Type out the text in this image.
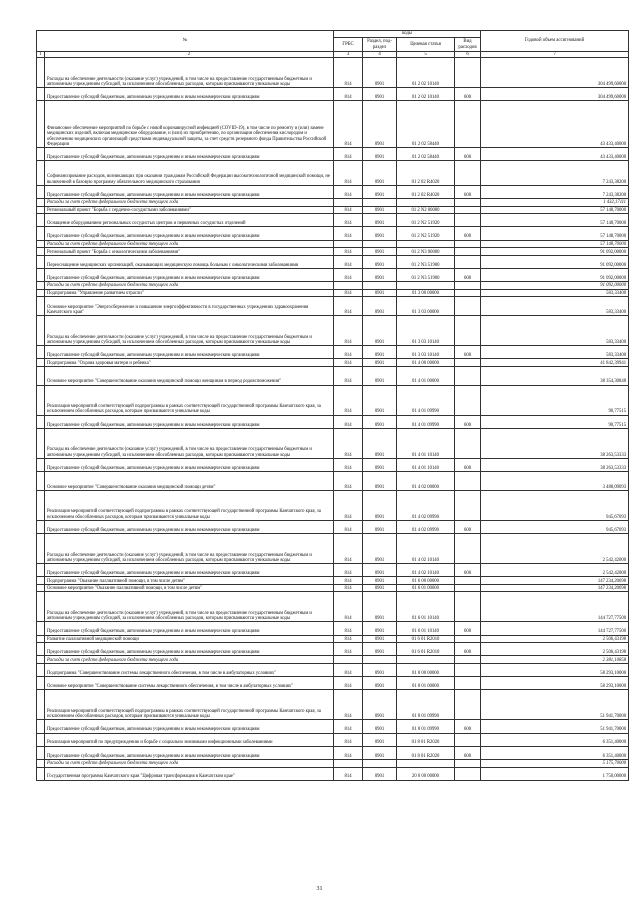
№		коды				Годовой объем ассигнований
		ГРБС	Раздел, под-раздел	Целевая статья	Вид расходов	
1	2	3	4	5	6	7
	Расходы на обеспечение деятельности (оказание услуг) учреждений, в том числе на предоставление государственным бюджетным и автономным учреждениям субсидий, за исключением обособленных расходов, которым присваиваются уникальные коды	814	0901	01 2 02 10140		304 499,60000
	Предоставление субсидий бюджетным, автономным учреждениям и иным некоммерческим организациям	814	0901	01 2 02 10140	600	304 499,60000
	Финансовое обеспечение мероприятий по борьбе с новой коронавирусной инфекцией (COVID-19), в том числе по ремонту и (или) замене медицинских изделий, включая медицинское оборудование, и (или) их приобретению, по организации обеспечения кислородом и обеспечению медицинских организаций средствами индивидуальной защиты, за счет средств резервного фонда Правительства Российской Федерации	814	0901	01 2 02 58440		43 433,40000
	Предоставление субсидий бюджетным, автономным учреждениям и иным некоммерческим организациям	814	0901	01 2 02 58440	600	43 433,40000
	Софинансирование расходов, возникающих при оказании гражданам Российской Федерации высокотехнологичной медицинской помощи, не включенной в базовую программу обязательного медицинского страхования	814	0901	01 2 02 R4020		7 243,38200
	Предоставление субсидий бюджетным, автономным учреждениям и иным некоммерческим организациям	814	0901	01 2 02 R4020	600	7 243,38200
	Расходы за счет средств федерального бюджета текущего года					1 432,17111
	Региональный проект "Борьба с сердечно-сосудистыми заболеваниями"	814	0901	01 2 N2 00000		57 148,70000
	Оснащение оборудованием региональных сосудистых центров и первичных сосудистых отделений	814	0901	01 2 N2 51920		57 148,70000
	Предоставление субсидий бюджетным, автономным учреждениям и иным некоммерческим организациям	814	0901	01 2 N2 51920	600	57 148,70000
	Расходы за счет средств федерального бюджета текущего года					57 148,70000
	Региональный проект "Борьба с онкологическими заболеваниями"	814	0901	01 2 N3 00000		91 092,00000
	Переоснащение медицинских организаций, оказывающих медицинскую помощь больным с онкологическими заболеваниями	814	0901	01 2 N3 51900		91 092,00000
	Предоставление субсидий бюджетным, автономным учреждениям и иным некоммерческим организациям	814	0901	01 2 N3 51900	600	91 092,00000
	Расходы за счет средств федерального бюджета текущего года					91 092,00000
	Подпрограмма "Управление развитием отрасли"	814	0901	01 3 00 00000		583,33400
	Основное мероприятие "Энергосбережение и повышение энергоэффективности в государственных учреждениях здравоохранения Камчатского края"	814	0901	01 3 03 00000		583,33400
	Расходы на обеспечение деятельности (оказание услуг) учреждений, в том числе на предоставление государственным бюджетным и автономным учреждениям субсидий, за исключением обособленных расходов, которым присваиваются уникальные коды	814	0901	01 3 03 10140		583,33400
	Предоставление субсидий бюджетным, автономным учреждениям и иным некоммерческим организациям	814	0901	01 3 03 10140	600	583,33400
	Подпрограмма "Охрана здоровья матери и ребенка"	814	0901	01 4 00 00000		41 842,39941
	Основное мероприятие "Совершенствование оказания медицинской помощи женщинам в период родовспоможения"	814	0901	01 4 01 00000		38 354,30848
	Реализация мероприятий соответствующей подпрограммы в рамках соответствующей государственной программы Камчатского края, за исключением обособленных расходов, которым присваиваются уникальные коды	814	0901	01 4 01 09990		90,77515
	Предоставление субсидий бюджетным, автономным учреждениям и иным некоммерческим организациям	814	0901	01 4 01 09990	600	90,77515
	Расходы на обеспечение деятельности (оказание услуг) учреждений, в том числе на предоставление государственным бюджетным и автономным учреждениям субсидий, за исключением обособленных расходов, которым присваиваются уникальные коды	814	0901	01 4 01 10140		38 263,53333
	Предоставление субсидий бюджетным, автономным учреждениям и иным некоммерческим организациям	814	0901	01 4 01 10140	600	38 263,53333
	Основное мероприятие "Совершенствование оказания медицинской помощи детям"	814	0901	01 4 02 00000		3 488,09093
	Реализация мероприятий соответствующей подпрограммы в рамках соответствующей государственной программы Камчатского края, за исключением обособленных расходов, которым присваиваются уникальные коды	814	0901	01 4 02 09990		945,67093
	Предоставление субсидий бюджетным, автономным учреждениям и иным некоммерческим организациям	814	0901	01 4 02 09990	600	945,67093
	Расходы на обеспечение деятельности (оказание услуг) учреждений, в том числе на предоставление государственным бюджетным и автономным учреждениям субсидий, за исключением обособленных расходов, которым присваиваются уникальные коды	814	0901	01 4 02 10140		2 542,42000
	Предоставление субсидий бюджетным, автономным учреждениям и иным некоммерческим организациям	814	0901	01 4 02 10140	600	2 542,42000
	Подпрограмма "Оказание паллиативной помощи, в том числе детям"	814	0901	01 6 00 00000		147 234,20698
	Основное мероприятие "Оказание паллиативной помощи, в том числе детям"	814	0901	01 6 01 00000		147 234,20698
	Расходы на обеспечение деятельности (оказание услуг) учреждений, в том числе на предоставление государственным бюджетным и автономным учреждениям субсидий, за исключением обособленных расходов, которым присваиваются уникальные коды	814	0901	01 6 01 10140		144 727,77500
	Предоставление субсидий бюджетным, автономным учреждениям и иным некоммерческим организациям	814	0901	01 6 01 10140	600	144 727,77500
	Развитие паллиативной медицинской помощи	814	0901	01 6 01 R2010		2 506,43198
	Предоставление субсидий бюджетным, автономным учреждениям и иным некоммерческим организациям	814	0901	01 6 01 R2010	600	2 506,43198
	Расходы за счет средств федерального бюджета текущего года					2 381,10858
	Подпрограмма "Совершенствование системы лекарственного обеспечения, в том числе в амбулаторных условиях"	814	0901	01 8 00 00000		58 293,10000
	Основное мероприятие "Совершенствование системы лекарственного обеспечения, в том числе в амбулаторных условиях"	814	0901	01 8 01 00000		58 293,10000
	Реализация мероприятий соответствующей подпрограммы в рамках соответствующей государственной программы Камчатского края, за исключением обособленных расходов, которым присваиваются уникальные коды	814	0901	01 8 01 09990		51 941,70000
	Предоставление субсидий бюджетным, автономным учреждениям и иным некоммерческим организациям	814	0901	01 8 01 09990	600	51 941,70000
	Реализация мероприятий по предупреждению и борьбе с социально значимыми инфекционными заболеваниями	814	0901	01 8 01 R2020		6 351,40000
	Предоставление субсидий бюджетным, автономным учреждениям и иным некоммерческим организациям	814	0901	01 8 01 R2020	600	6 351,40000
	Расходы за счет средств федерального бюджета текущего года					5 175,70000
	Государственная программа Камчатского края "Цифровая трансформация в Камчатском крае"	814	0901	20 0 00 00000		1 750,00000
31
